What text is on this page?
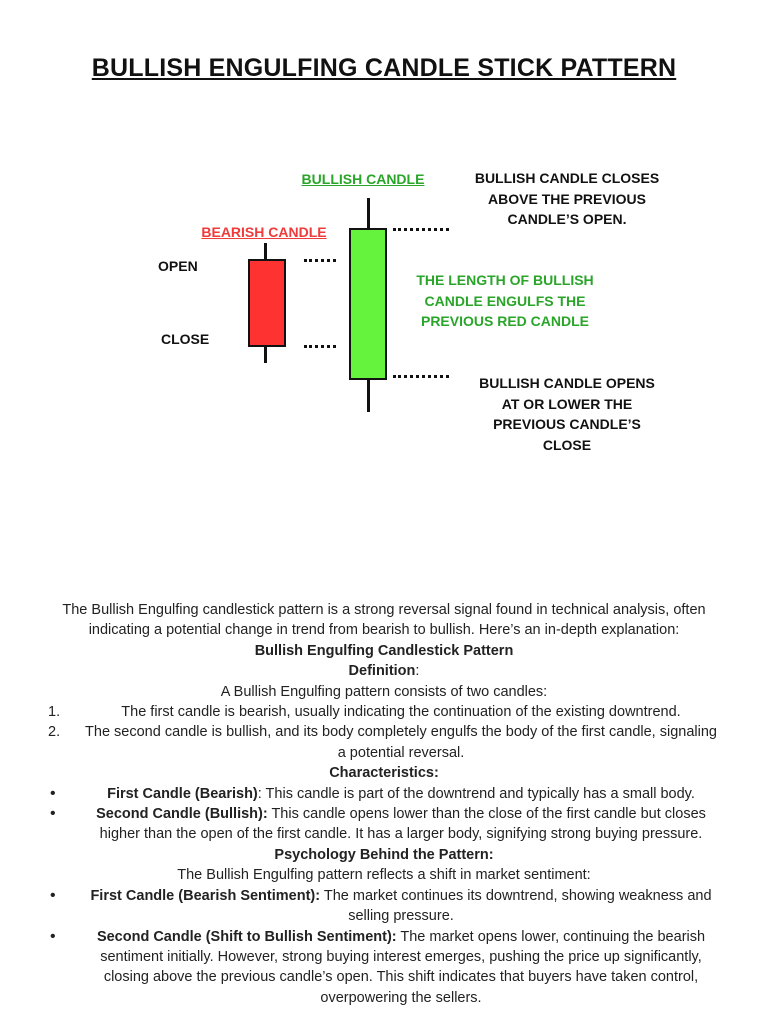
BULLISH ENGULFING CANDLE STICK PATTERN
BULLISH CANDLE
BEARISH CANDLE
OPEN
CLOSE
BULLISH CANDLE CLOSES
ABOVE THE PREVIOUS
CANDLE’S OPEN.
THE LENGTH OF BULLISH
CANDLE ENGULFS THE
PREVIOUS RED CANDLE
BULLISH CANDLE OPENS
AT OR LOWER THE
PREVIOUS CANDLE’S
CLOSE
The Bullish Engulfing candlestick pattern is a strong reversal signal found in technical analysis, often indicating a potential change in trend from bearish to bullish. Here’s an in-depth explanation:
Bullish Engulfing Candlestick Pattern
Definition:
A Bullish Engulfing pattern consists of two candles:
1.	The first candle is bearish, usually indicating the continuation of the existing downtrend.
2. The second candle is bullish, and its body completely engulfs the body of the first candle, signaling a potential reversal.
Characteristics:
•	First Candle (Bearish): This candle is part of the downtrend and typically has a small body.
•	Second Candle (Bullish): This candle opens lower than the close of the first candle but closes higher than the open of the first candle. It has a larger body, signifying strong buying pressure.
Psychology Behind the Pattern:
The Bullish Engulfing pattern reflects a shift in market sentiment:
• First Candle (Bearish Sentiment): The market continues its downtrend, showing weakness and selling pressure.
•	Second Candle (Shift to Bullish Sentiment): The market opens lower, continuing the bearish sentiment initially. However, strong buying interest emerges, pushing the price up significantly, closing above the previous candle’s open. This shift indicates that buyers have taken control, overpowering the sellers.
